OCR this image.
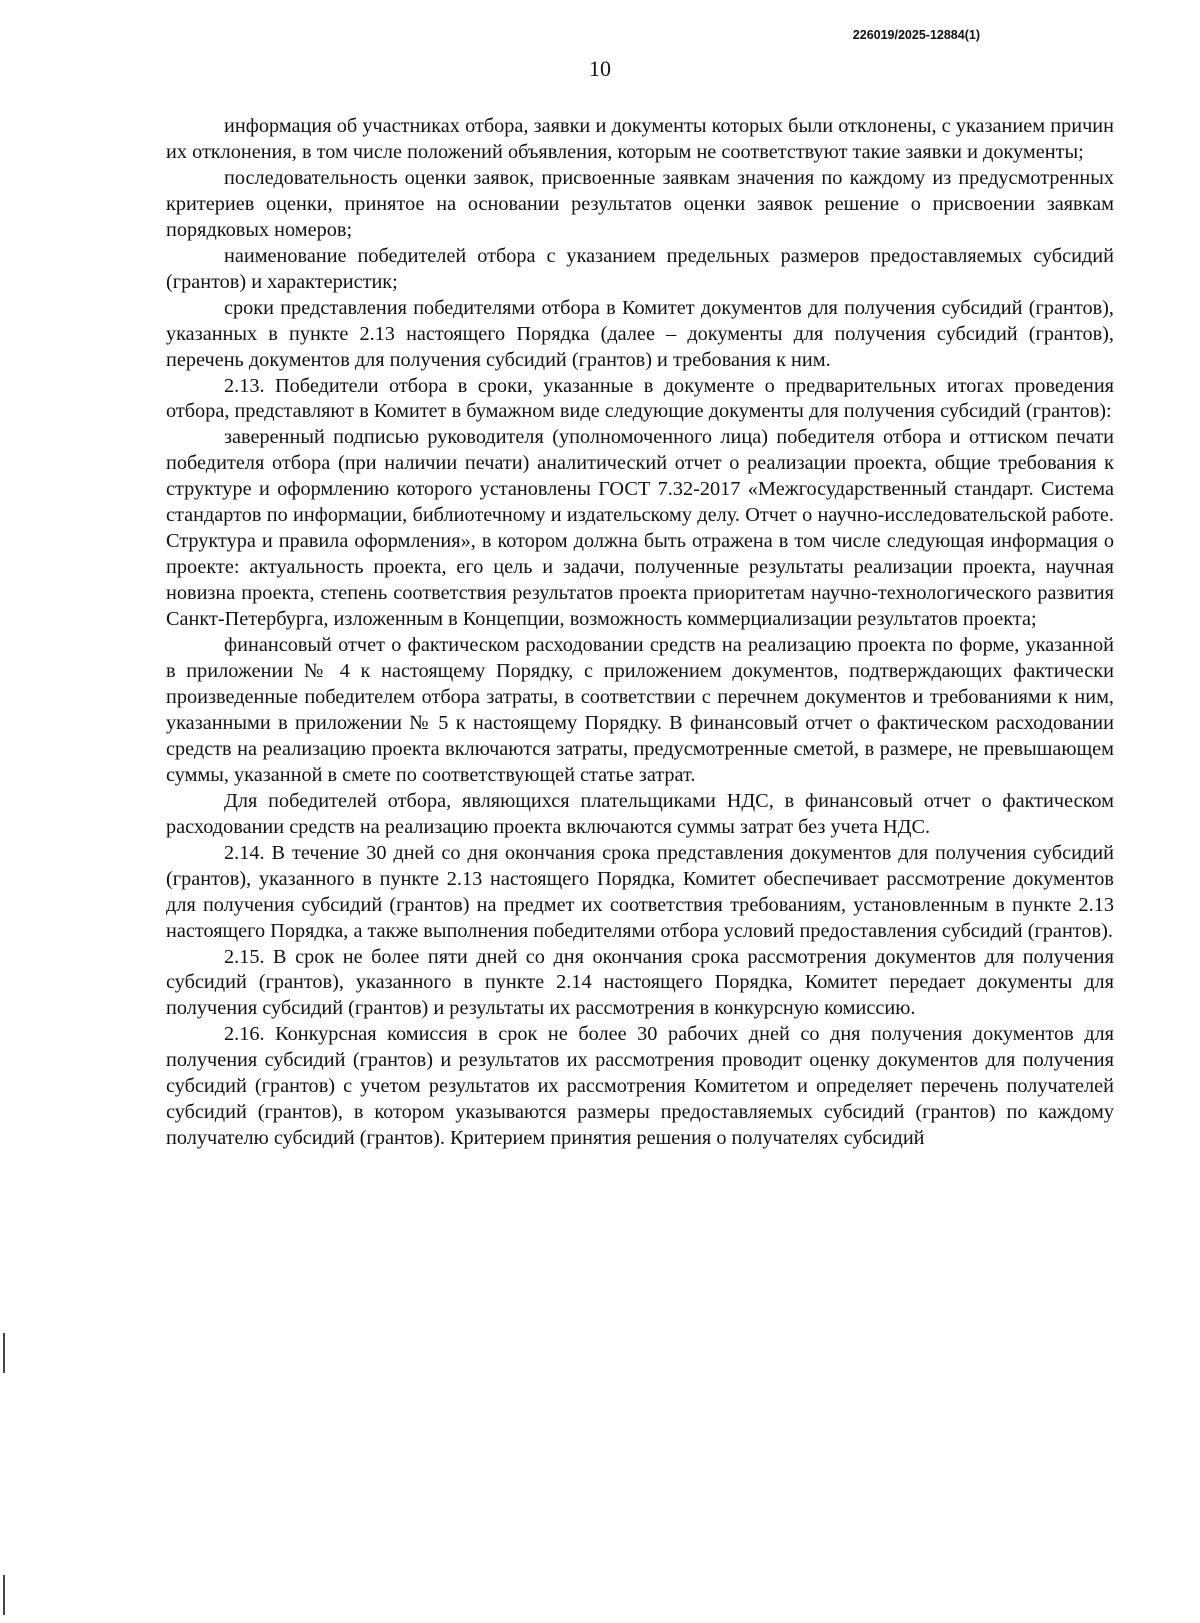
226019/2025-12884(1)
10

информация об участниках отбора, заявки и документы которых были отклонены, с указанием причин их отклонения, в том числе положений объявления, которым не соответствуют такие заявки и документы;

последовательность оценки заявок, присвоенные заявкам значения по каждому из предусмотренных критериев оценки, принятое на основании результатов оценки заявок решение о присвоении заявкам порядковых номеров;

наименование победителей отбора с указанием предельных размеров предоставляемых субсидий (грантов) и характеристик;

сроки представления победителями отбора в Комитет документов для получения субсидий (грантов), указанных в пункте 2.13 настоящего Порядка (далее – документы для получения субсидий (грантов), перечень документов для получения субсидий (грантов) и требования к ним.

2.13. Победители отбора в сроки, указанные в документе о предварительных итогах проведения отбора, представляют в Комитет в бумажном виде следующие документы для получения субсидий (грантов):

заверенный подписью руководителя (уполномоченного лица) победителя отбора и оттиском печати победителя отбора (при наличии печати) аналитический отчет о реализации проекта, общие требования к структуре и оформлению которого установлены ГОСТ 7.32-2017 «Межгосударственный стандарт. Система стандартов по информации, библиотечному и издательскому делу. Отчет о научно-исследовательской работе. Структура и правила оформления», в котором должна быть отражена в том числе следующая информация о проекте: актуальность проекта, его цель и задачи, полученные результаты реализации проекта, научная новизна проекта, степень соответствия результатов проекта приоритетам научно-технологического развития Санкт-Петербурга, изложенным в Концепции, возможность коммерциализации результатов проекта;

финансовый отчет о фактическом расходовании средств на реализацию проекта по форме, указанной в приложении № 4 к настоящему Порядку, с приложением документов, подтверждающих фактически произведенные победителем отбора затраты, в соответствии с перечнем документов и требованиями к ним, указанными в приложении № 5 к настоящему Порядку. В финансовый отчет о фактическом расходовании средств на реализацию проекта включаются затраты, предусмотренные сметой, в размере, не превышающем суммы, указанной в смете по соответствующей статье затрат.

Для победителей отбора, являющихся плательщиками НДС, в финансовый отчет о фактическом расходовании средств на реализацию проекта включаются суммы затрат без учета НДС.

2.14. В течение 30 дней со дня окончания срока представления документов для получения субсидий (грантов), указанного в пункте 2.13 настоящего Порядка, Комитет обеспечивает рассмотрение документов для получения субсидий (грантов) на предмет их соответствия требованиям, установленным в пункте 2.13 настоящего Порядка, а также выполнения победителями отбора условий предоставления субсидий (грантов).

2.15. В срок не более пяти дней со дня окончания срока рассмотрения документов для получения субсидий (грантов), указанного в пункте 2.14 настоящего Порядка, Комитет передает документы для получения субсидий (грантов) и результаты их рассмотрения в конкурсную комиссию.

2.16. Конкурсная комиссия в срок не более 30 рабочих дней со дня получения документов для получения субсидий (грантов) и результатов их рассмотрения проводит оценку документов для получения субсидий (грантов) с учетом результатов их рассмотрения Комитетом и определяет перечень получателей субсидий (грантов), в котором указываются размеры предоставляемых субсидий (грантов) по каждому получателю субсидий (грантов). Критерием принятия решения о получателях субсидий
